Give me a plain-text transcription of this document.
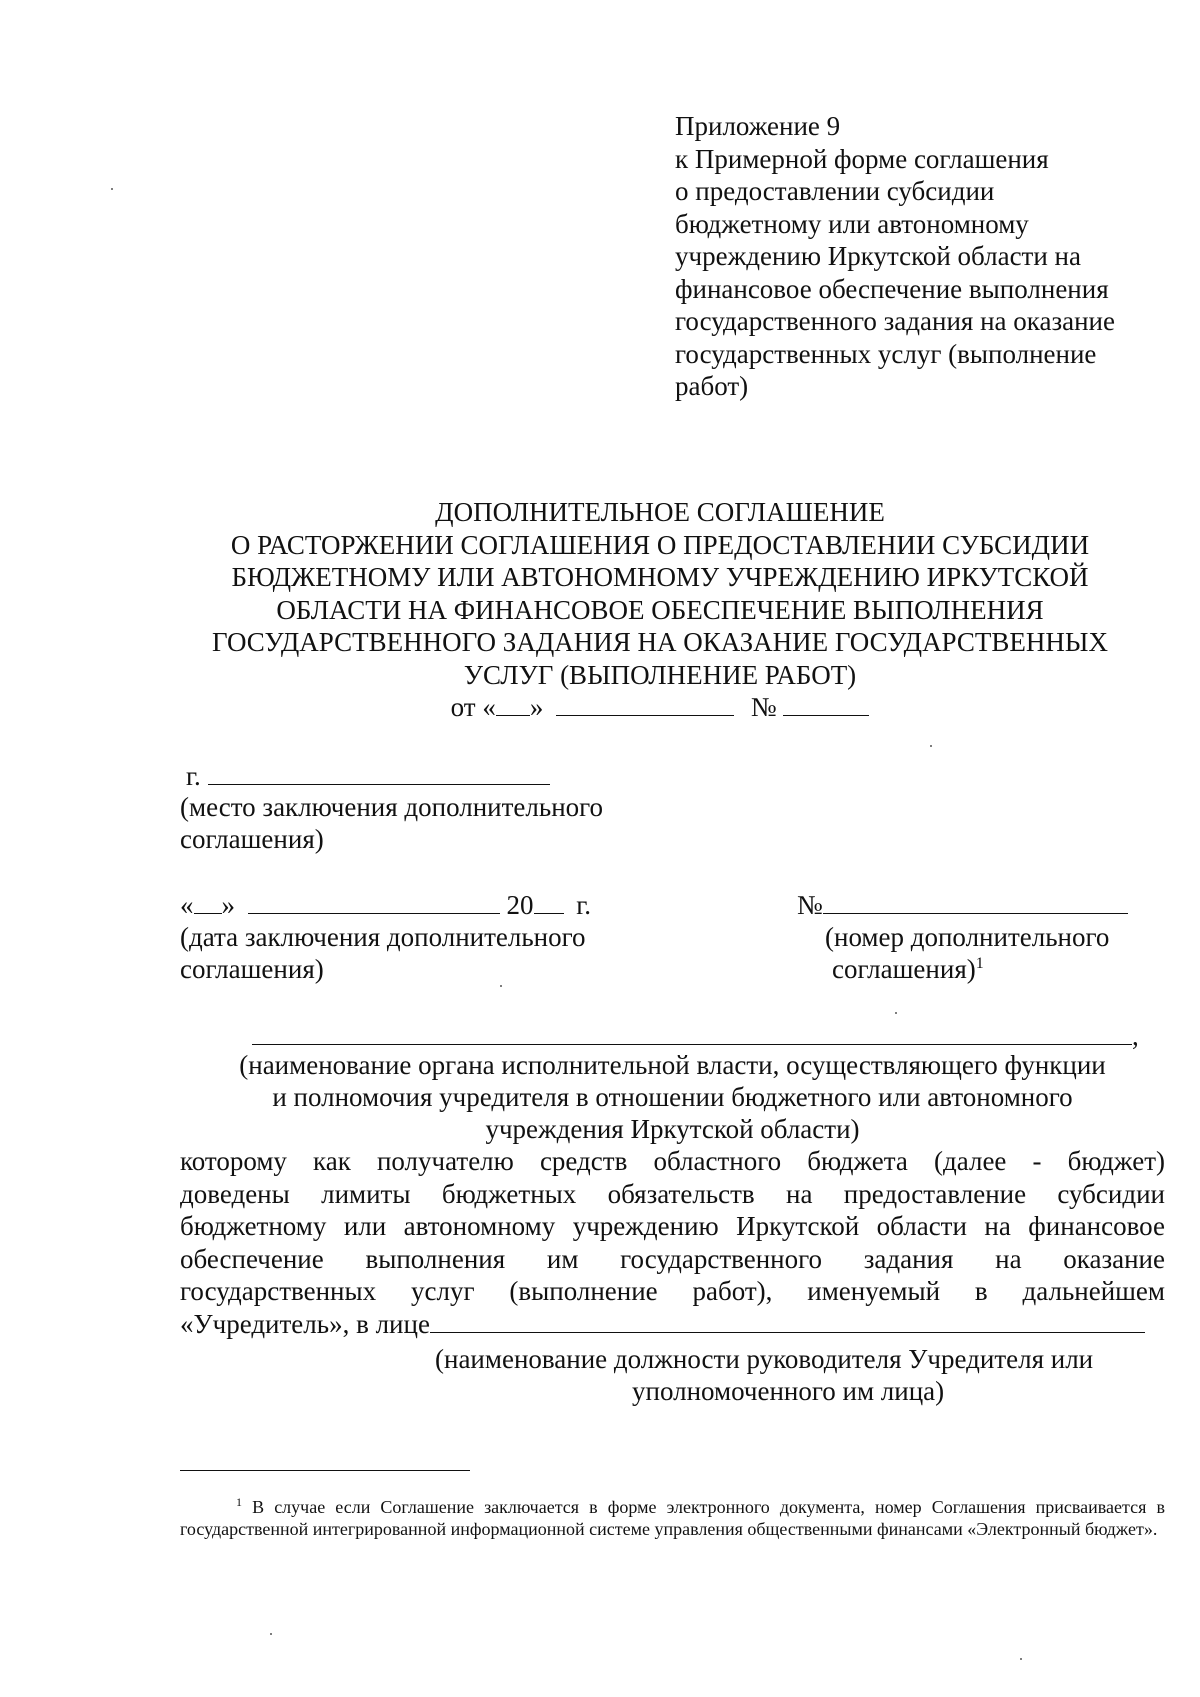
Приложение 9
к Примерной форме соглашения
о предоставлении субсидии
бюджетному или автономному
учреждению Иркутской области на
финансовое обеспечение выполнения
государственного задания на оказание
государственных услуг (выполнение
работ)
ДОПОЛНИТЕЛЬНОЕ СОГЛАШЕНИЕ
О РАСТОРЖЕНИИ СОГЛАШЕНИЯ О ПРЕДОСТАВЛЕНИИ СУБСИДИИ
БЮДЖЕТНОМУ ИЛИ АВТОНОМНОМУ УЧРЕЖДЕНИЮ ИРКУТСКОЙ
ОБЛАСТИ НА ФИНАНСОВОЕ ОБЕСПЕЧЕНИЕ ВЫПОЛНЕНИЯ
ГОСУДАРСТВЕННОГО ЗАДАНИЯ НА ОКАЗАНИЕ ГОСУДАРСТВЕННЫХ
УСЛУГ (ВЫПОЛНЕНИЕ РАБОТ)
от « »	№
г.
(место заключения дополнительного
соглашения)
« »	20 г.
(дата заключения дополнительного
соглашения)
№
(номер дополнительного
соглашения)$^1$
,
(наименование органа исполнительной власти, осуществляющего функции
и полномочия учредителя в отношении бюджетного или автономного
учреждения Иркутской области)
которому как получателю средств областного бюджета (далее - бюджет)
доведены лимиты бюджетных обязательств на предоставление субсидии
бюджетному или автономному учреждению Иркутской области на финансовое
обеспечение выполнения им государственного задания на оказание
государственных услуг (выполнение работ), именуемый в дальнейшем
«Учредитель», в лице
(наименование должности руководителя Учредителя или
уполномоченного им лица)
$^1$ В случае если Соглашение заключается в форме электронного документа, номер Соглашения присваивается в государственной интегрированной информационной системе управления общественными финансами «Электронный бюджет».
